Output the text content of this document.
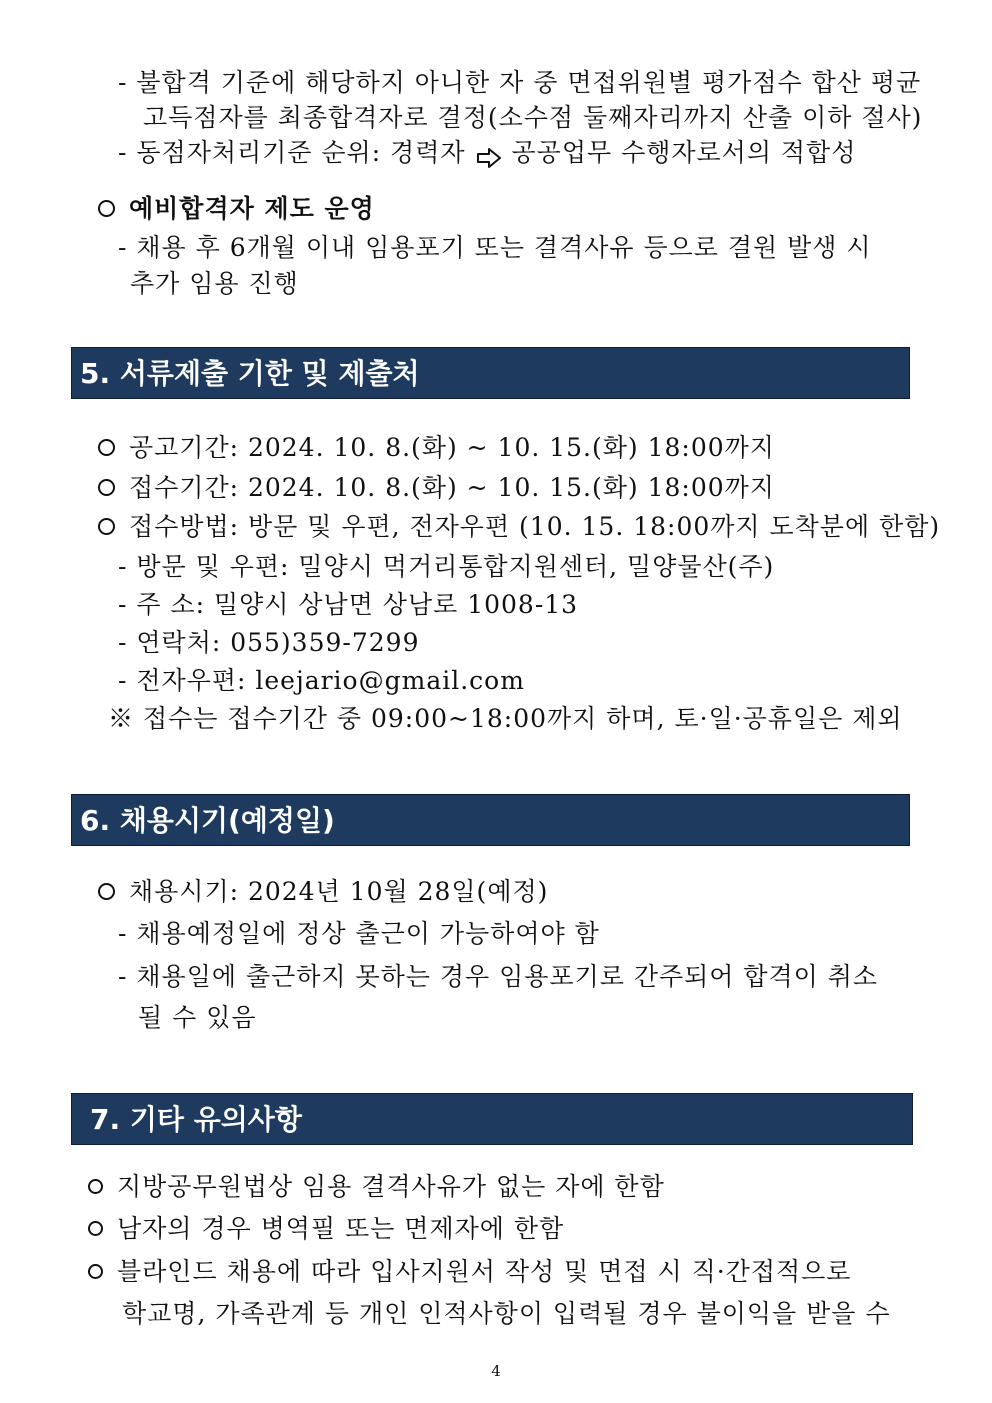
- 불합격 기준에 해당하지 아니한 자 중 면접위원별 평가점수 합산 평균
고득점자를 최종합격자로 결정(소수점 둘째자리까지 산출 이하 절사)
- 동점자처리기준 순위: 경력자 공공업무 수행자로서의 적합성
예비합격자 제도 운영
- 채용 후 6개월 이내 임용포기 또는 결격사유 등으로 결원 발생 시
추가 임용 진행
5. 서류제출 기한 및 제출처
공고기간: 2024. 10. 8.(화) ~ 10. 15.(화) 18:00까지
접수기간: 2024. 10. 8.(화) ~ 10. 15.(화) 18:00까지
접수방법: 방문 및 우편, 전자우편 (10. 15. 18:00까지 도착분에 한함)
- 방문 및 우편: 밀양시 먹거리통합지원센터, 밀양물산(주)
- 주 소: 밀양시 상남면 상남로 1008-13
- 연락처: 055)359-7299
- 전자우편: leejario@gmail.com
※ 접수는 접수기간 중 09:00~18:00까지 하며, 토·일·공휴일은 제외
6. 채용시기(예정일)
채용시기: 2024년 10월 28일(예정)
- 채용예정일에 정상 출근이 가능하여야 함
- 채용일에 출근하지 못하는 경우 임용포기로 간주되어 합격이 취소
될 수 있음
7. 기타 유의사항
지방공무원법상 임용 결격사유가 없는 자에 한함
남자의 경우 병역필 또는 면제자에 한함
블라인드 채용에 따라 입사지원서 작성 및 면접 시 직·간접적으로
학교명, 가족관계 등 개인 인적사항이 입력될 경우 불이익을 받을 수
4
